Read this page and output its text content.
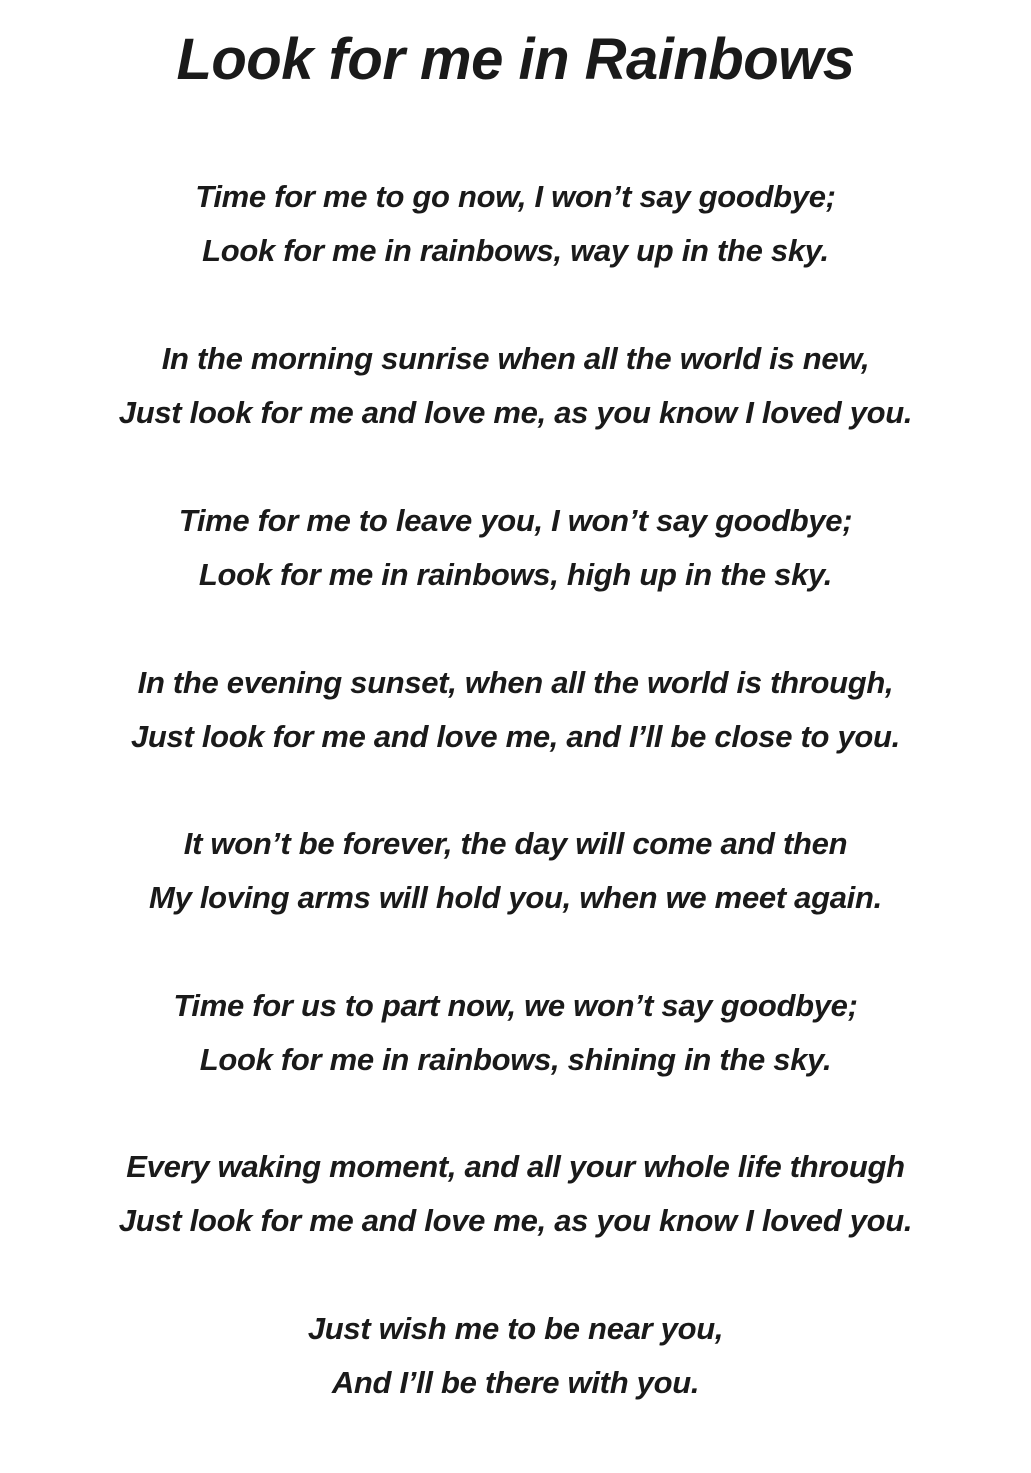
Look for me in Rainbows
Time for me to go now, I won’t say goodbye;
Look for me in rainbows, way up in the sky.
In the morning sunrise when all the world is new,
Just look for me and love me, as you know I loved you.
Time for me to leave you, I won’t say goodbye;
Look for me in rainbows, high up in the sky.
In the evening sunset, when all the world is through,
Just look for me and love me, and I’ll be close to you.
It won’t be forever, the day will come and then
My loving arms will hold you, when we meet again.
Time for us to part now, we won’t say goodbye;
Look for me in rainbows, shining in the sky.
Every waking moment, and all your whole life through
Just look for me and love me, as you know I loved you.
Just wish me to be near you,
And I’ll be there with you.
